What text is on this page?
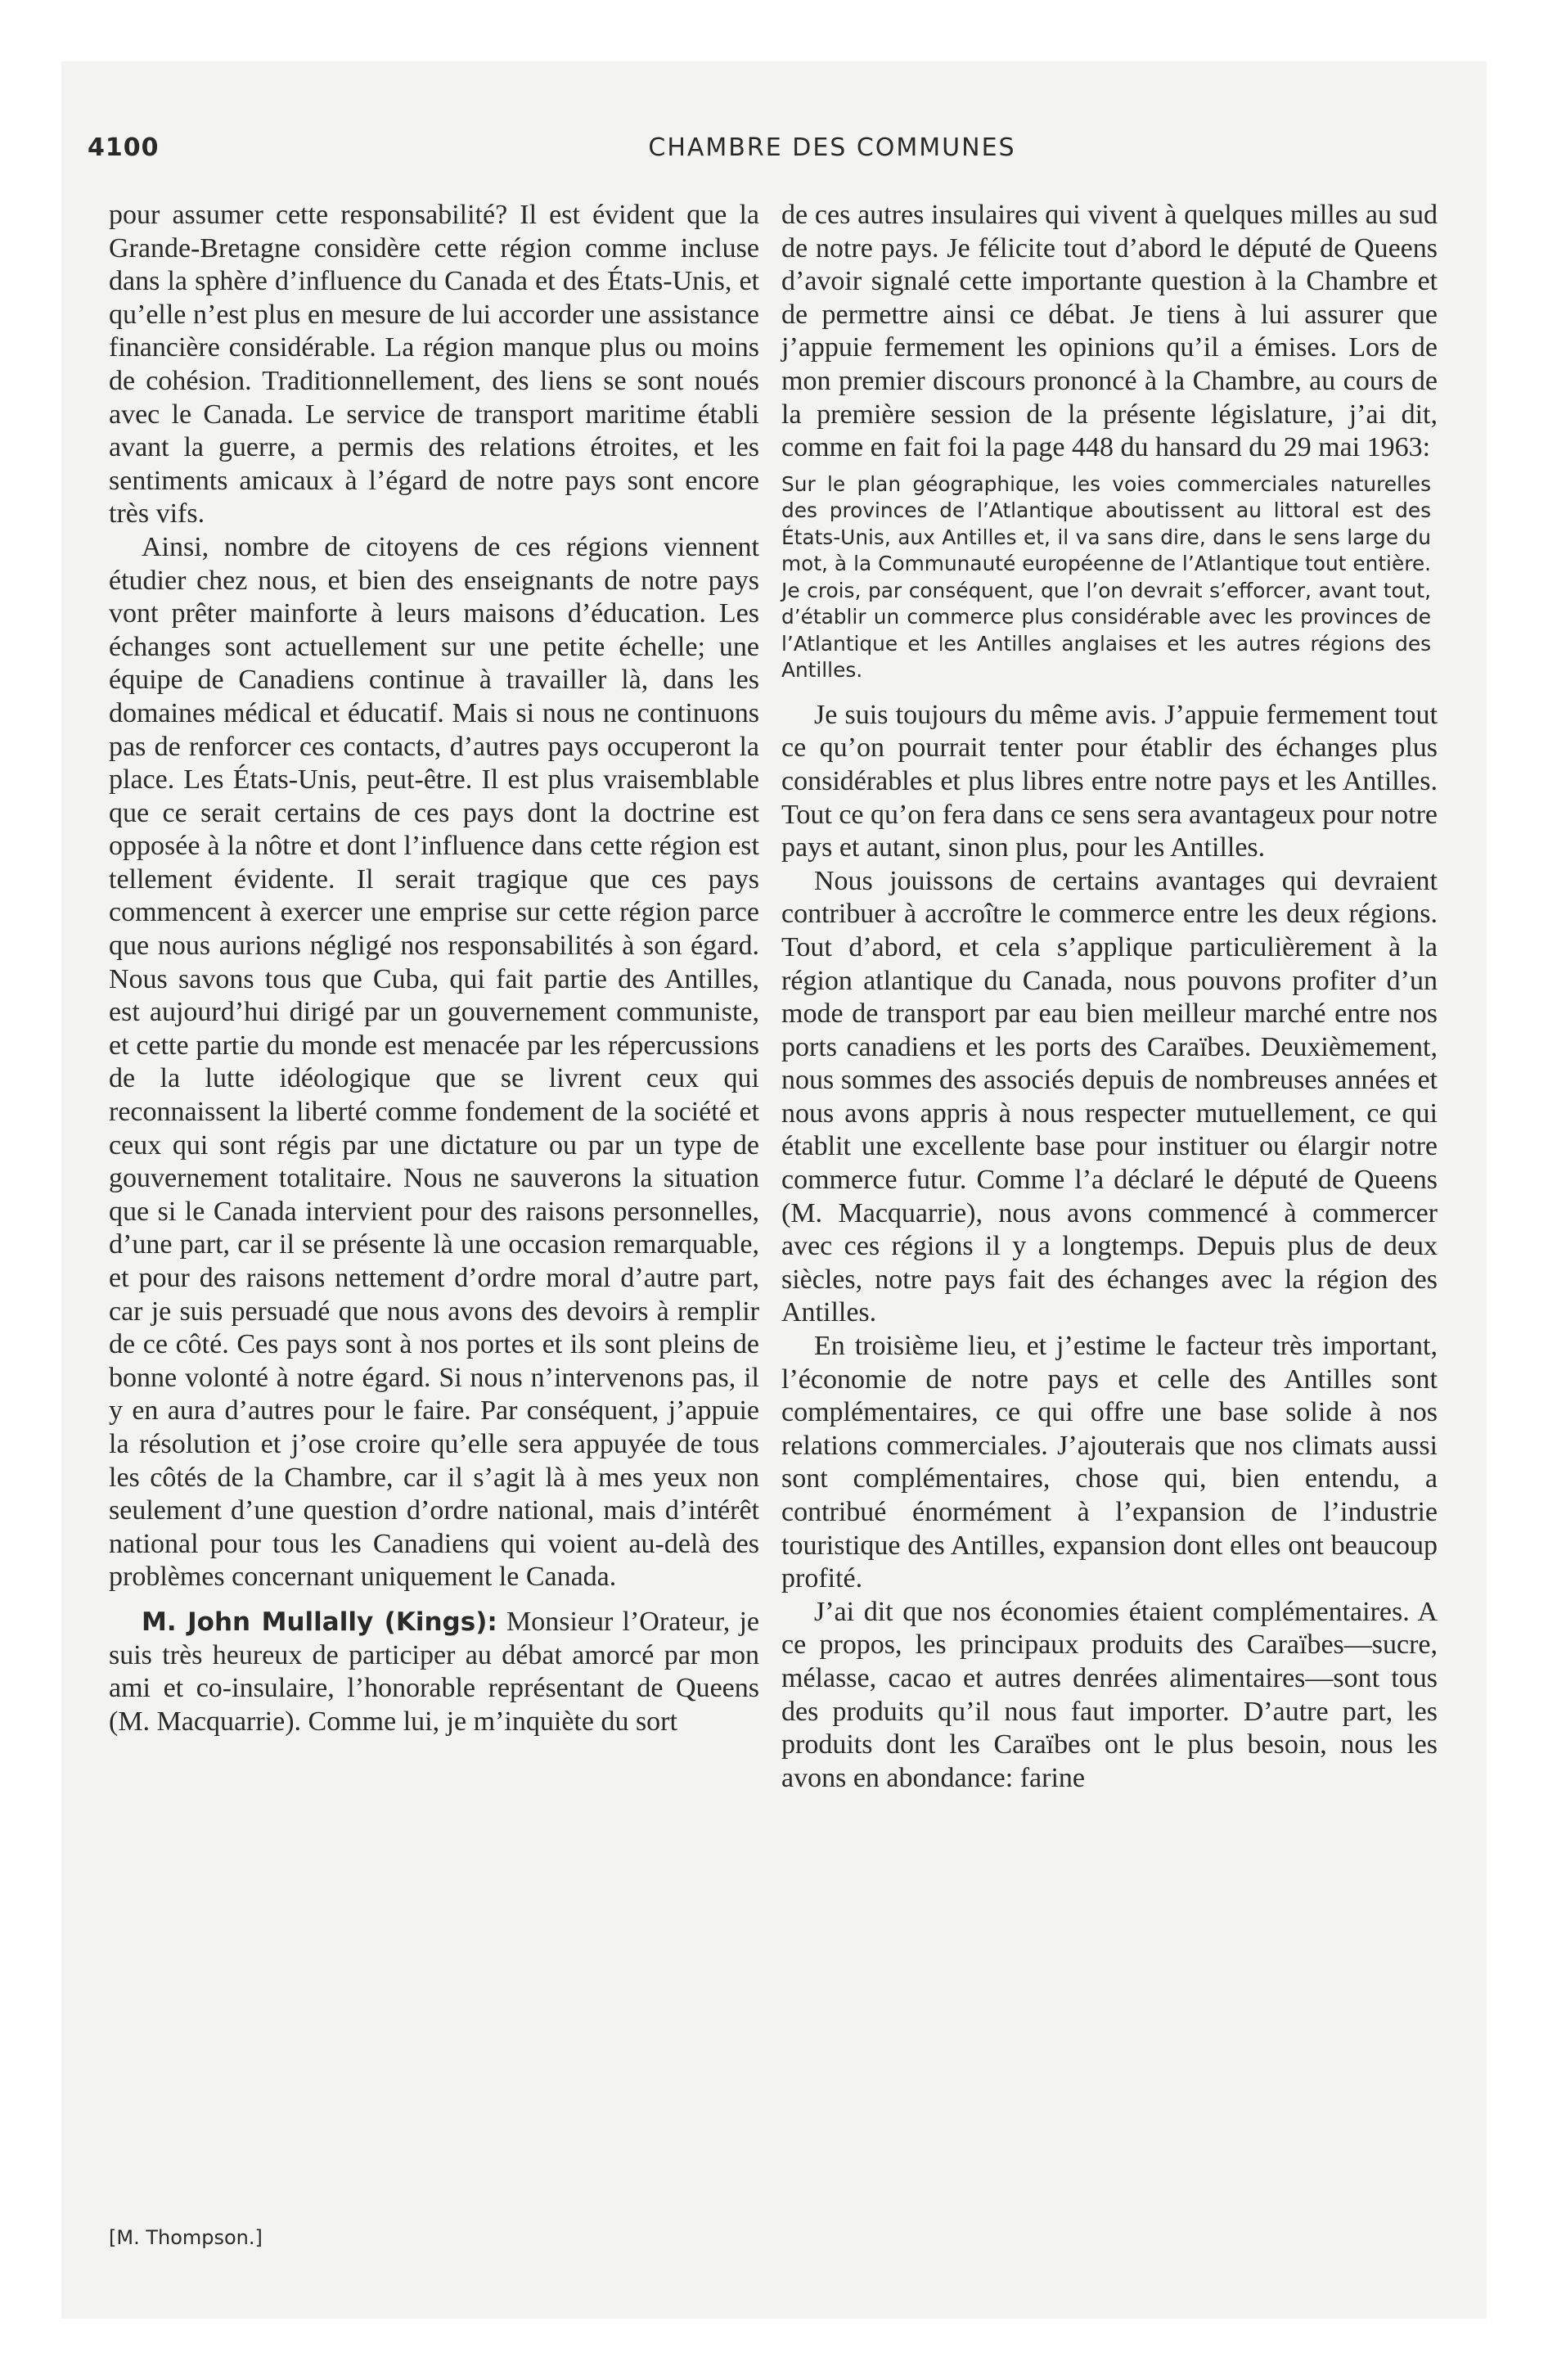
4100	CHAMBRE DES COMMUNES

pour assumer cette responsabilité? Il est évident que la Grande-Bretagne considère cette région comme incluse dans la sphère d’influence du Canada et des États-Unis, et qu’elle n’est plus en mesure de lui accorder une assistance financière considérable. La région manque plus ou moins de cohésion. Traditionnellement, des liens se sont noués avec le Canada. Le service de transport maritime établi avant la guerre, a permis des relations étroites, et les sentiments amicaux à l’égard de notre pays sont encore très vifs.

Ainsi, nombre de citoyens de ces régions viennent étudier chez nous, et bien des enseignants de notre pays vont prêter mainforte à leurs maisons d’éducation. Les échanges sont actuellement sur une petite échelle; une équipe de Canadiens continue à travailler là, dans les domaines médical et éducatif. Mais si nous ne continuons pas de renforcer ces contacts, d’autres pays occuperont la place. Les États-Unis, peut-être. Il est plus vraisemblable que ce serait certains de ces pays dont la doctrine est opposée à la nôtre et dont l’influence dans cette région est tellement évidente. Il serait tragique que ces pays commencent à exercer une emprise sur cette région parce que nous aurions négligé nos responsabilités à son égard. Nous savons tous que Cuba, qui fait partie des Antilles, est aujourd’hui dirigé par un gouvernement communiste, et cette partie du monde est menacée par les répercussions de la lutte idéologique que se livrent ceux qui reconnaissent la liberté comme fondement de la société et ceux qui sont régis par une dictature ou par un type de gouvernement totalitaire. Nous ne sauverons la situation que si le Canada intervient pour des raisons personnelles, d’une part, car il se présente là une occasion remarquable, et pour des raisons nettement d’ordre moral d’autre part, car je suis persuadé que nous avons des devoirs à remplir de ce côté. Ces pays sont à nos portes et ils sont pleins de bonne volonté à notre égard. Si nous n’intervenons pas, il y en aura d’autres pour le faire. Par conséquent, j’appuie la résolution et j’ose croire qu’elle sera appuyée de tous les côtés de la Chambre, car il s’agit là à mes yeux non seulement d’une question d’ordre national, mais d’intérêt national pour tous les Canadiens qui voient au-delà des problèmes concernant uniquement le Canada.

M. John Mullally (Kings): Monsieur l’Orateur, je suis très heureux de participer au débat amorcé par mon ami et co-insulaire, l’honorable représentant de Queens (M. Macquarrie). Comme lui, je m’inquiète du sort

de ces autres insulaires qui vivent à quelques milles au sud de notre pays. Je félicite tout d’abord le député de Queens d’avoir signalé cette importante question à la Chambre et de permettre ainsi ce débat. Je tiens à lui assurer que j’appuie fermement les opinions qu’il a émises. Lors de mon premier discours prononcé à la Chambre, au cours de la première session de la présente législature, j’ai dit, comme en fait foi la page 448 du hansard du 29 mai 1963:

Sur le plan géographique, les voies commerciales naturelles des provinces de l’Atlantique aboutissent au littoral est des États-Unis, aux Antilles et, il va sans dire, dans le sens large du mot, à la Communauté européenne de l’Atlantique tout entière. Je crois, par conséquent, que l’on devrait s’efforcer, avant tout, d’établir un commerce plus considérable avec les provinces de l’Atlantique et les Antilles anglaises et les autres régions des Antilles.

Je suis toujours du même avis. J’appuie fermement tout ce qu’on pourrait tenter pour établir des échanges plus considérables et plus libres entre notre pays et les Antilles. Tout ce qu’on fera dans ce sens sera avantageux pour notre pays et autant, sinon plus, pour les Antilles.

Nous jouissons de certains avantages qui devraient contribuer à accroître le commerce entre les deux régions. Tout d’abord, et cela s’applique particulièrement à la région atlantique du Canada, nous pouvons profiter d’un mode de transport par eau bien meilleur marché entre nos ports canadiens et les ports des Caraïbes. Deuxièmement, nous sommes des associés depuis de nombreuses années et nous avons appris à nous respecter mutuellement, ce qui établit une excellente base pour instituer ou élargir notre commerce futur. Comme l’a déclaré le député de Queens (M. Macquarrie), nous avons commencé à commercer avec ces régions il y a longtemps. Depuis plus de deux siècles, notre pays fait des échanges avec la région des Antilles.

En troisième lieu, et j’estime le facteur très important, l’économie de notre pays et celle des Antilles sont complémentaires, ce qui offre une base solide à nos relations commerciales. J’ajouterais que nos climats aussi sont complémentaires, chose qui, bien entendu, a contribué énormément à l’expansion de l’industrie touristique des Antilles, expansion dont elles ont beaucoup profité.

J’ai dit que nos économies étaient complémentaires. A ce propos, les principaux produits des Caraïbes—sucre, mélasse, cacao et autres denrées alimentaires—sont tous des produits qu’il nous faut importer. D’autre part, les produits dont les Caraïbes ont le plus besoin, nous les avons en abondance: farine

[M. Thompson.]
